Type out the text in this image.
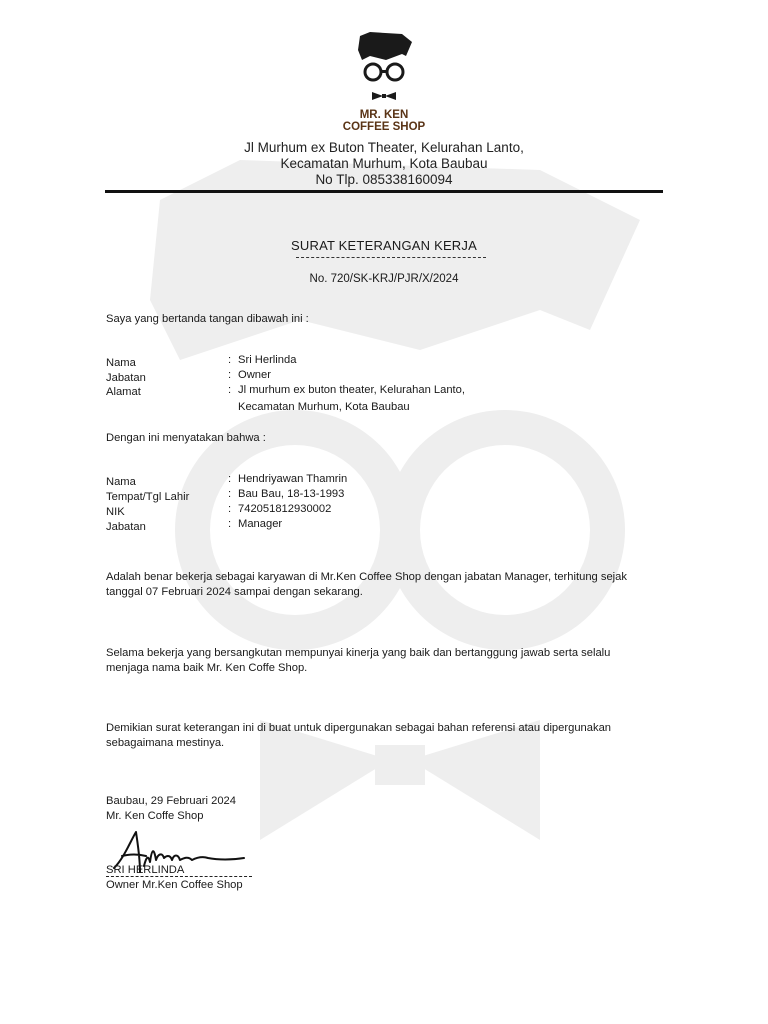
MR. KEN
COFFEE SHOP
Jl Murhum ex Buton Theater, Kelurahan Lanto,
Kecamatan Murhum, Kota Baubau
No Tlp. 085338160094
SURAT KETERANGAN KERJA
No. 720/SK-KRJ/PJR/X/2024
Saya yang bertanda tangan dibawah ini :
Nama	: Sri Herlinda
Jabatan	: Owner
Alamat	: Jl murhum ex buton theater, Kelurahan Lanto,
Kecamatan Murhum, Kota Baubau
Dengan ini menyatakan bahwa :
Nama	: Hendriyawan Thamrin
Tempat/Tgl Lahir	: Bau Bau, 18-13-1993
NIK	: 742051812930002
Jabatan	: Manager
Adalah benar bekerja sebagai karyawan di Mr.Ken Coffee Shop dengan jabatan Manager, terhitung sejak
tanggal 07 Februari 2024 sampai dengan sekarang.
Selama bekerja yang bersangkutan mempunyai kinerja yang baik dan bertanggung jawab serta selalu
menjaga nama baik Mr. Ken Coffe Shop.
Demikian surat keterangan ini di buat untuk dipergunakan sebagai bahan referensi atau dipergunakan
sebagaimana mestinya.
Baubau, 29 Februari 2024
Mr. Ken Coffe Shop
SRI HERLINDA
Owner Mr.Ken Coffee Shop
